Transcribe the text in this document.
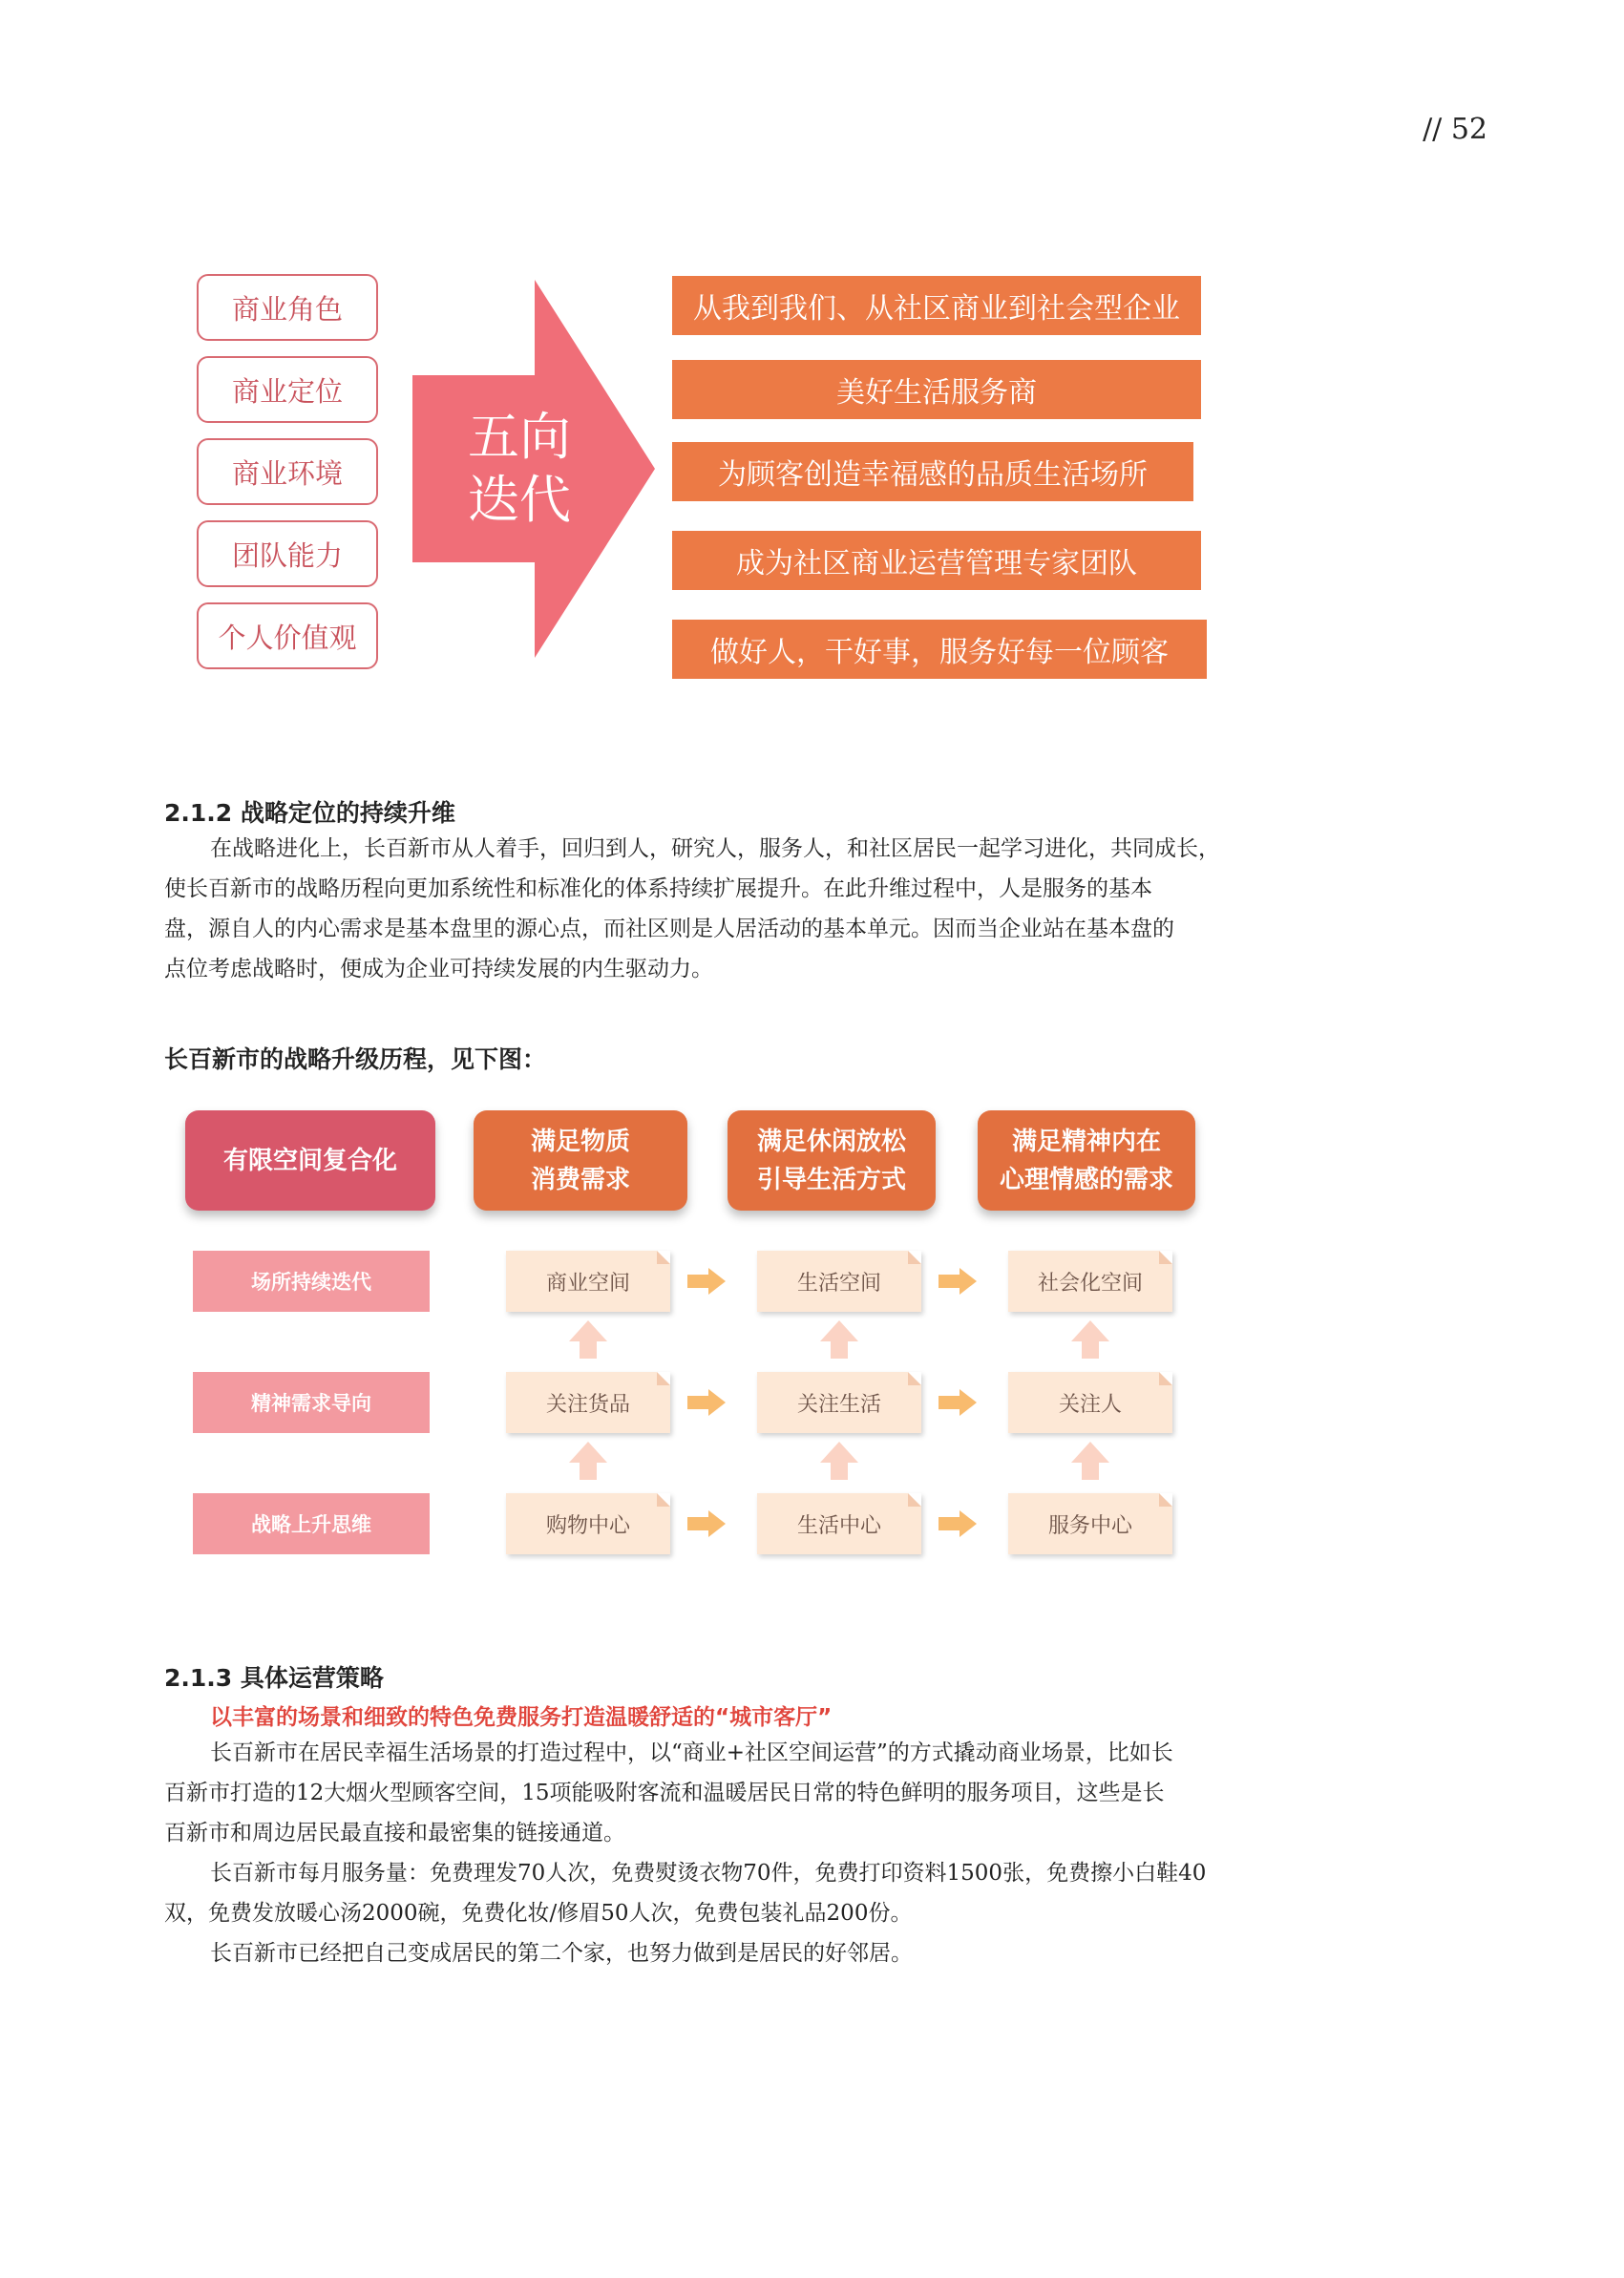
// 52
五向
迭代
商业角色
商业定位
商业环境
团队能力
个人价值观
从我到我们、从社区商业到社会型企业
美好生活服务商
为顾客创造幸福感的品质生活场所
成为社区商业运营管理专家团队
做好人，干好事，服务好每一位顾客
2.1.2 战略定位的持续升维
在战略进化上，长百新市从人着手，回归到人，研究人，服务人，和社区居民一起学习进化，共同成长，
使长百新市的战略历程向更加系统性和标准化的体系持续扩展提升。在此升维过程中，人是服务的基本
盘，源自人的内心需求是基本盘里的源心点，而社区则是人居活动的基本单元。因而当企业站在基本盘的
点位考虑战略时，便成为企业可持续发展的内生驱动力。
长百新市的战略升级历程，见下图：
有限空间复合化
满足物质
消费需求
满足休闲放松
引导生活方式
满足精神内在
心理情感的需求
场所持续迭代
精神需求导向
战略上升思维
商业空间	生活空间	社会化空间
关注货品	关注生活	关注人
购物中心	生活中心	服务中心
2.1.3 具体运营策略
以丰富的场景和细致的特色免费服务打造温暖舒适的“城市客厅”
长百新市在居民幸福生活场景的打造过程中，以“商业+社区空间运营”的方式撬动商业场景，比如长
百新市打造的12大烟火型顾客空间，15项能吸附客流和温暖居民日常的特色鲜明的服务项目，这些是长
百新市和周边居民最直接和最密集的链接通道。
长百新市每月服务量：免费理发70人次，免费熨烫衣物70件，免费打印资料1500张，免费擦小白鞋40
双，免费发放暖心汤2000碗，免费化妆/修眉50人次，免费包装礼品200份。
长百新市已经把自己变成居民的第二个家，也努力做到是居民的好邻居。
